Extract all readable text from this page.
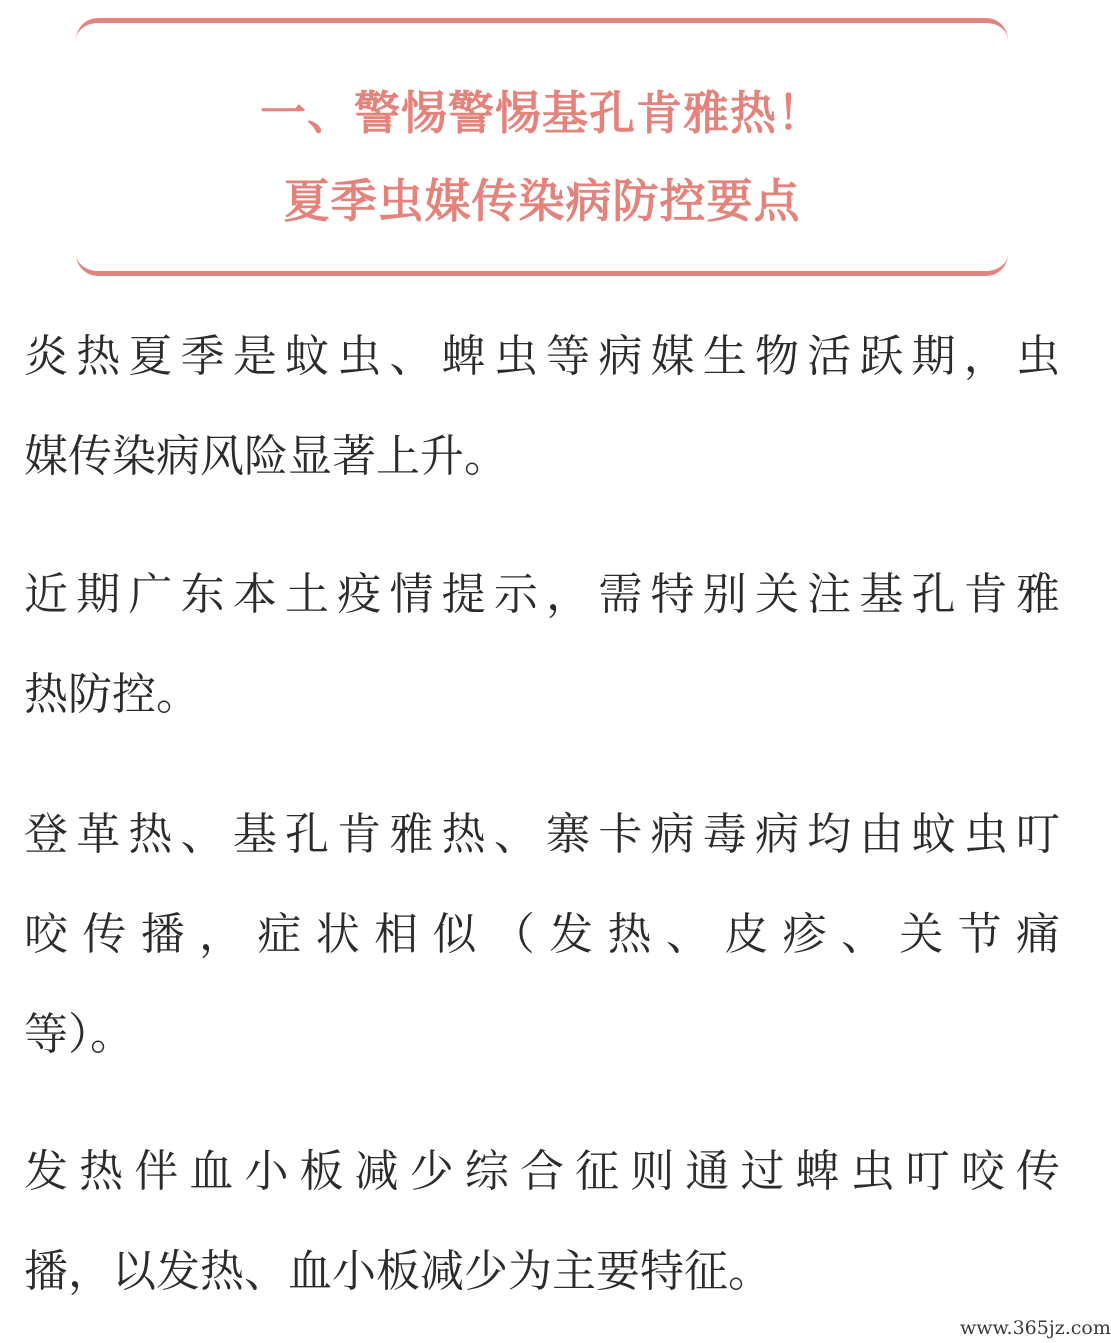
一、警惕警惕基孔肯雅热！
夏季虫媒传染病防控要点

炎热夏季是蚊虫、蜱虫等病媒生物活跃期，虫
媒传染病风险显著上升。

近期广东本土疫情提示，需特别关注基孔肯雅
热防控。

登革热、基孔肯雅热、寨卡病毒病均由蚊虫叮
咬传播，症状相似（发热、皮疹、关节痛
等）。

发热伴血小板减少综合征则通过蜱虫叮咬传
播，以发热、血小板减少为主要特征。

www.365jz.com
